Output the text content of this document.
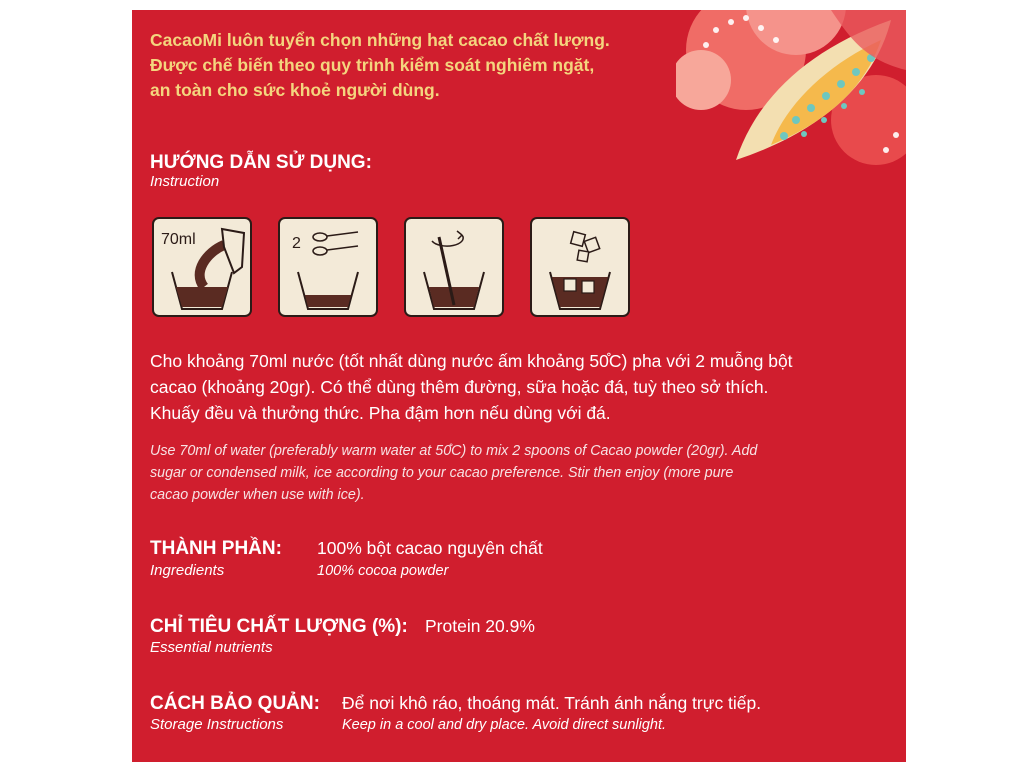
CacaoMi luôn tuyển chọn những hạt cacao chất lượng.
Được chế biến theo quy trình kiểm soát nghiêm ngặt,
an toàn cho sức khoẻ người dùng.
HƯỚNG DẪN SỬ DỤNG:
Instruction
70ml	2
Cho khoảng 70ml nước (tốt nhất dùng nước ấm khoảng 50̊C) pha với 2 muỗng bột
cacao (khoảng 20gr). Có thể dùng thêm đường, sữa hoặc đá, tuỳ theo sở thích.
Khuấy đều và thưởng thức. Pha đậm hơn nếu dùng với đá.
Use 70ml of water (preferably warm water at 50̊C) to mix 2 spoons of Cacao powder (20gr). Add
sugar or condensed milk, ice according to your cacao preference. Stir then enjoy (more pure
cacao powder when use with ice).
THÀNH PHẦN:
Ingredients
100% bột cacao nguyên chất
100% cocoa powder
CHỈ TIÊU CHẤT LƯỢNG (%):
Essential nutrients
Protein 20.9%
CÁCH BẢO QUẢN:
Storage Instructions
Để nơi khô ráo, thoáng mát. Tránh ánh nắng trực tiếp.
Keep in a cool and dry place. Avoid direct sunlight.
